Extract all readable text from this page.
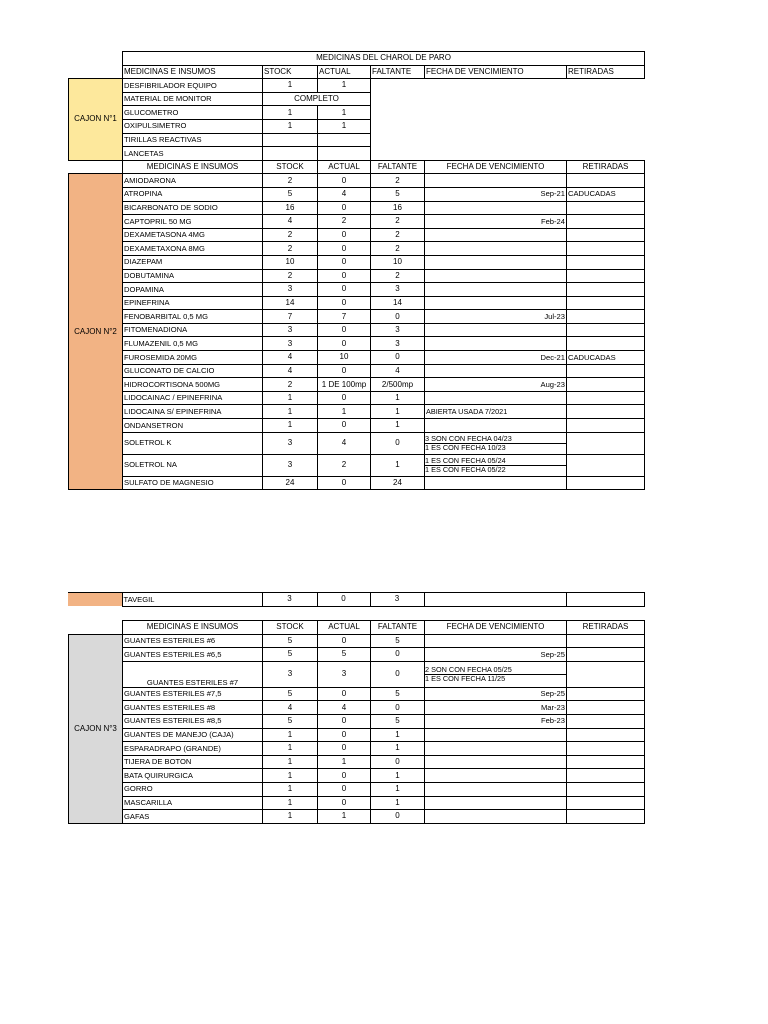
	MEDICINAS DEL CHAROL DE PARO					
	MEDICINAS E INSUMOS	STOCK	ACTUAL	FALTANTE	FECHA DE VENCIMIENTO	RETIRADAS
CAJON N°1	DESFIBRILADOR EQUIPO	1	1			
	MATERIAL DE MONITOR	COMPLETO				
	GLUCOMETRO	1	1			
	OXIPULSIMETRO	1	1			
	TIRILLAS REACTIVAS					
	LANCETAS					
	MEDICINAS E INSUMOS	STOCK	ACTUAL	FALTANTE	FECHA DE VENCIMIENTO	RETIRADAS
CAJON N°2	AMIODARONA	2	0	2		
	ATROPINA	5	4	5	Sep-21	CADUCADAS
	BICARBONATO DE SODIO	16	0	16		
	CAPTOPRIL 50 MG	4	2	2	Feb-24	
	DEXAMETASONA 4MG	2	0	2		
	DEXAMETAXONA 8MG	2	0	2		
	DIAZEPAM	10	0	10		
	DOBUTAMINA	2	0	2		
	DOPAMINA	3	0	3		
	EPINEFRINA	14	0	14		
	FENOBARBITAL 0,5 MG	7	7	0	Jul-23	
	FITOMENADIONA	3	0	3		
	FLUMAZENIL 0,5 MG	3	0	3		
	FUROSEMIDA 20MG	4	10	0	Dec-21	CADUCADAS
	GLUCONATO DE CALCIO	4	0	4		
	HIDROCORTISONA 500MG	2	1 DE 100mp	2/500mp	Aug-23	
	LIDOCAINAC / EPINEFRINA	1	0	1		
	LIDOCAINA S/ EPINEFRINA	1	1	1	ABIERTA USADA 7/2021	
	ONDANSETRON	1	0	1		
	SOLETROL K	3	4	0	3 SON CON FECHA 04/23
1 ES CON FECHA 10/23	

	SOLETROL NA	3	2	1	1 ES CON FECHA 05/24
1 ES CON FECHA 05/22	

	SULFATO DE MAGNESIO	24	0	24		
	TAVEGIL	3	0	3		
	MEDICINAS E INSUMOS	STOCK	ACTUAL	FALTANTE	FECHA DE VENCIMIENTO	RETIRADAS
CAJON N°3	GUANTES ESTERILES #6	5	0	5		
	GUANTES ESTERILES #6,5	5	5	0	Sep-25	
	GUANTES ESTERILES #7	3	3	0	2 SON CON FECHA 05/25
1 ES CON FECHA 11/25	

	GUANTES ESTERILES #7,5	5	0	5	Sep-25	
	GUANTES ESTERILES #8	4	4	0	Mar-23	
	GUANTES ESTERILES #8,5	5	0	5	Feb-23	
	GUANTES DE MANEJO (CAJA)	1	0	1		
	ESPARADRAPO (GRANDE)	1	0	1		
	TIJERA DE BOTON	1	1	0		
	BATA QUIRURGICA	1	0	1		
	GORRO	1	0	1		
	MASCARILLA	1	0	1		
	GAFAS	1	1	0		
